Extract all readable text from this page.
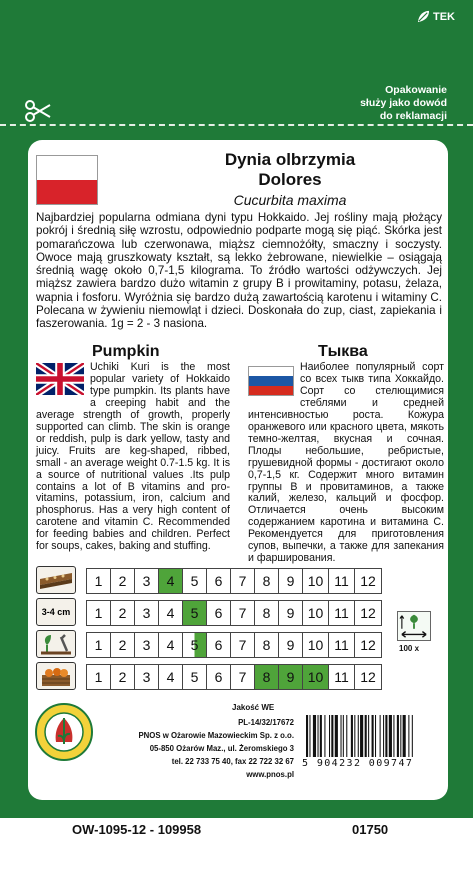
TEK
Opakowanie
służy jako dowód
do reklamacji
Dynia olbrzymia
Dolores
Cucurbita maxima
Najbardziej popularna odmiana dyni typu Hokkaido. Jej rośliny mają płożący pokrój i średnią siłę wzrostu, odpowiednio podparte mogą się piąć. Skórka jest pomarańczowa lub czerwonawa, miąższ ciemnożółty, smaczny i soczysty. Owoce mają gruszkowaty kształt, są lekko żebrowane, niewielkie – osiągają średnią wagę około 0,7-1,5 kilograma. To źródło wartości odżywczych. Jej miąższ zawiera bardzo dużo witamin z grupy B i prowitaminy, potasu, żelaza, wapnia i fosforu. Wyróżnia się bardzo dużą zawartością karotenu i witaminy C. Polecana w żywieniu niemowląt i dzieci. Doskonała do zup, ciast, zapiekania i faszerowania. 1g = 2 - 3 nasiona.
Pumpkin	Тыква
Uchiki Kuri is the most popular variety of Hokkaido type pumpkin. Its plants have a creeping habit and the average strength of growth, properly supported can climb. The skin is orange or reddish, pulp is dark yellow, tasty and juicy. Fruits are keg-shaped, ribbed, small - an average weight 0.7-1.5 kg. It is a source of nutritional values .Its pulp contains a lot of B vitamins and pro-vitamins, potassium, iron, calcium and phosphorus. Has a very high content of carotene and vitamin C. Recommended for feeding babies and children. Perfect for soups, cakes, baking and stuffing.
Наиболее популярный сорт со всех тыкв типа Хоккайдо. Сорт со стелющимися стеблями и средней интенсивностью роста. Кожура оранжевого или красного цвета, мякоть темно-желтая, вкусная и сочная. Плоды небольшие, ребристые, грушевидной формы - достигают около 0,7-1,5 кг. Содержит много витамин группы B и провитаминов, а также калий, железо, кальций и фосфор. Отличается очень высоким содержанием каротина и витамина С. Рекомендуется для приготовления супов, выпечки, а также для запекания и фарширования.
1	2	3	4	5	6	7	8	9 10 11 12
3-4 cm	1	2	3	4	5	6	7	8	9 10 11 12
1	2	3	4	5	6	7	8	9 10 11 12
1	2	3	4	5	6	7	8	9 10 11 12
100 x
Jakość WE
PL-14/32/17672
PNOS w Ożarowie Mazowieckim Sp. z o.o.
05-850 Ożarów Maz., ul. Żeromskiego 3
tel. 22 733 75 40, fax 22 722 32 67
www.pnos.pl
5 904232 009747
OW-1095-12 - 109958	01750
